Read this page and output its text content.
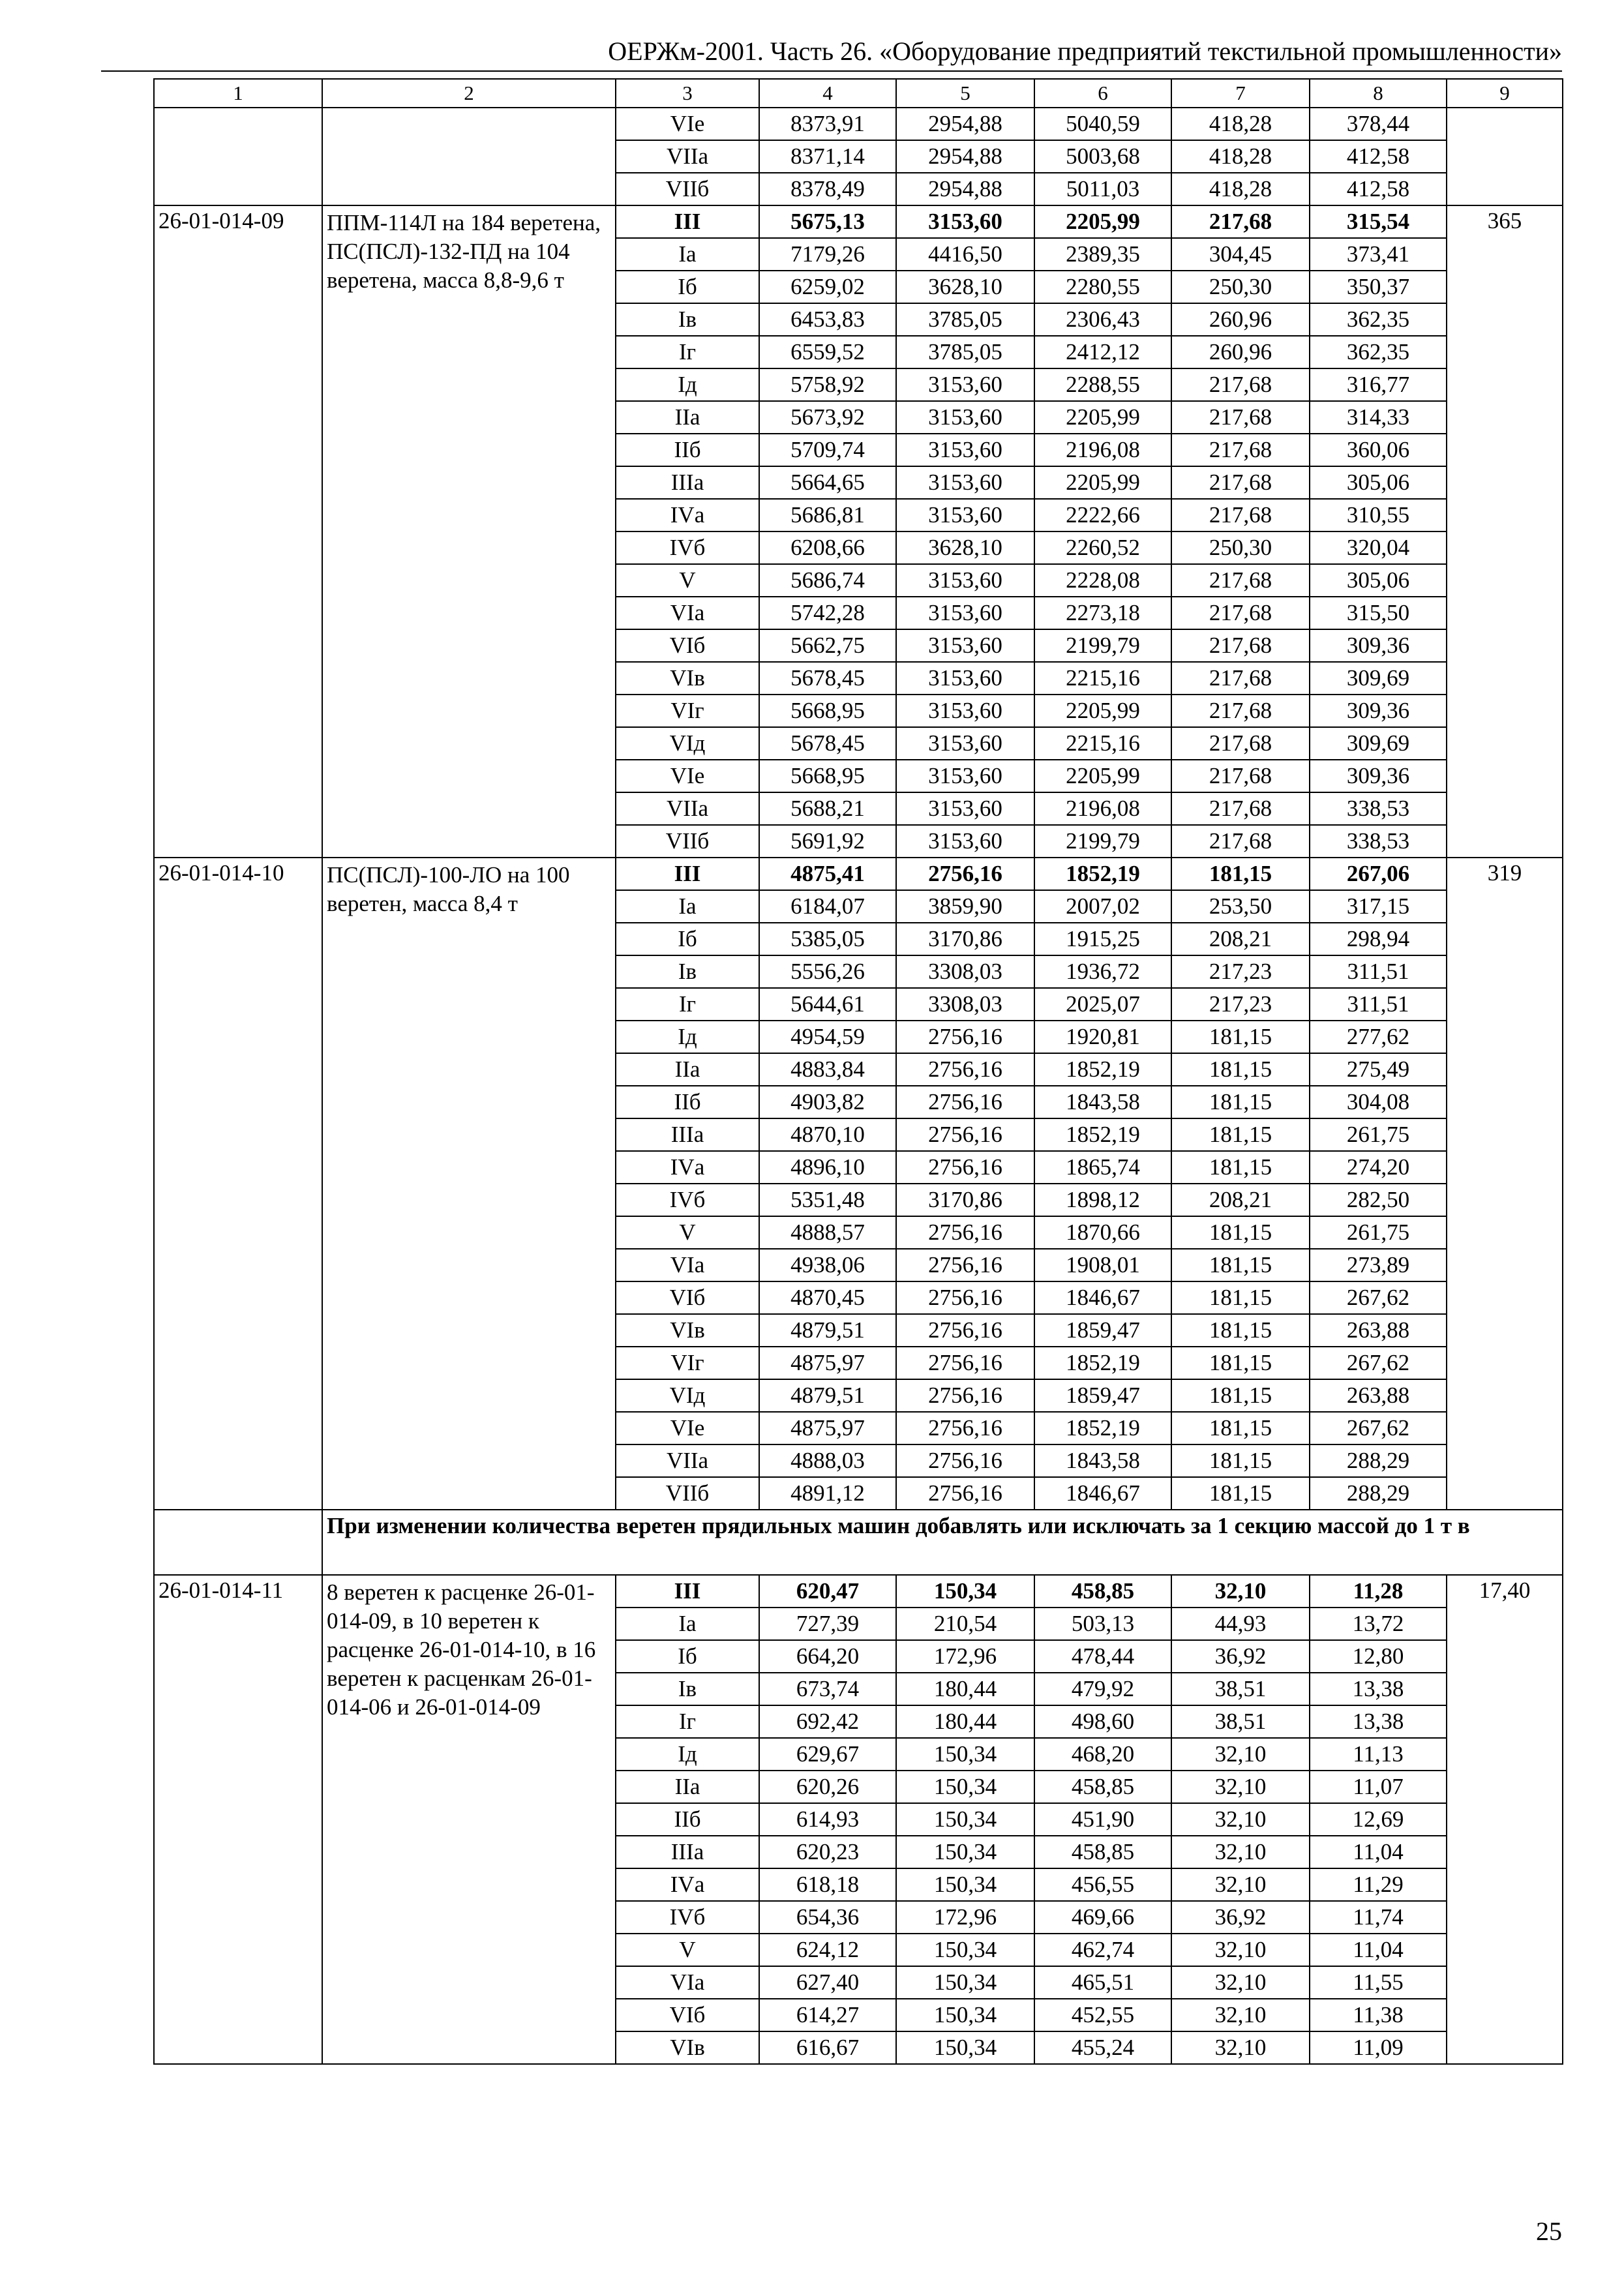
ОЕРЖм-2001. Часть 26. «Оборудование предприятий текстильной промышленности»
1	2	3	4	5	6	7	8	9
		VIе	8373,91	2954,88	5040,59	418,28	378,44	
		VIIа	8371,14	2954,88	5003,68	418,28	412,58	
		VIIб	8378,49	2954,88	5011,03	418,28	412,58	
26-01-014-09	ППМ-114Л на 184 веретена, ПС(ПСЛ)-132-ПД на 104 веретена, масса 8,8-9,6 т	III	5675,13	3153,60	2205,99	217,68	315,54	365
		Iа	7179,26	4416,50	2389,35	304,45	373,41	
		Iб	6259,02	3628,10	2280,55	250,30	350,37	
		Iв	6453,83	3785,05	2306,43	260,96	362,35	
		Iг	6559,52	3785,05	2412,12	260,96	362,35	
		Iд	5758,92	3153,60	2288,55	217,68	316,77	
		IIа	5673,92	3153,60	2205,99	217,68	314,33	
		IIб	5709,74	3153,60	2196,08	217,68	360,06	
		IIIа	5664,65	3153,60	2205,99	217,68	305,06	
		IVа	5686,81	3153,60	2222,66	217,68	310,55	
		IVб	6208,66	3628,10	2260,52	250,30	320,04	
		V	5686,74	3153,60	2228,08	217,68	305,06	
		VIа	5742,28	3153,60	2273,18	217,68	315,50	
		VIб	5662,75	3153,60	2199,79	217,68	309,36	
		VIв	5678,45	3153,60	2215,16	217,68	309,69	
		VIг	5668,95	3153,60	2205,99	217,68	309,36	
		VIд	5678,45	3153,60	2215,16	217,68	309,69	
		VIе	5668,95	3153,60	2205,99	217,68	309,36	
		VIIа	5688,21	3153,60	2196,08	217,68	338,53	
		VIIб	5691,92	3153,60	2199,79	217,68	338,53	
26-01-014-10	ПС(ПСЛ)-100-ЛО на 100 веретен, масса 8,4 т	III	4875,41	2756,16	1852,19	181,15	267,06	319
		Iа	6184,07	3859,90	2007,02	253,50	317,15	
		Iб	5385,05	3170,86	1915,25	208,21	298,94	
		Iв	5556,26	3308,03	1936,72	217,23	311,51	
		Iг	5644,61	3308,03	2025,07	217,23	311,51	
		Iд	4954,59	2756,16	1920,81	181,15	277,62	
		IIа	4883,84	2756,16	1852,19	181,15	275,49	
		IIб	4903,82	2756,16	1843,58	181,15	304,08	
		IIIа	4870,10	2756,16	1852,19	181,15	261,75	
		IVа	4896,10	2756,16	1865,74	181,15	274,20	
		IVб	5351,48	3170,86	1898,12	208,21	282,50	
		V	4888,57	2756,16	1870,66	181,15	261,75	
		VIа	4938,06	2756,16	1908,01	181,15	273,89	
		VIб	4870,45	2756,16	1846,67	181,15	267,62	
		VIв	4879,51	2756,16	1859,47	181,15	263,88	
		VIг	4875,97	2756,16	1852,19	181,15	267,62	
		VIд	4879,51	2756,16	1859,47	181,15	263,88	
		VIе	4875,97	2756,16	1852,19	181,15	267,62	
		VIIа	4888,03	2756,16	1843,58	181,15	288,29	
		VIIб	4891,12	2756,16	1846,67	181,15	288,29	
	При изменении количества веретен прядильных машин добавлять или исключать за 1 секцию массой до 1 т в							
26-01-014-11	8 веретен к расценке 26-01-014-09, в 10 веретен к расценке 26-01-014-10, в 16 веретен к расценкам 26-01-014-06 и 26-01-014-09	III	620,47	150,34	458,85	32,10	11,28	17,40
		Iа	727,39	210,54	503,13	44,93	13,72	
		Iб	664,20	172,96	478,44	36,92	12,80	
		Iв	673,74	180,44	479,92	38,51	13,38	
		Iг	692,42	180,44	498,60	38,51	13,38	
		Iд	629,67	150,34	468,20	32,10	11,13	
		IIа	620,26	150,34	458,85	32,10	11,07	
		IIб	614,93	150,34	451,90	32,10	12,69	
		IIIа	620,23	150,34	458,85	32,10	11,04	
		IVа	618,18	150,34	456,55	32,10	11,29	
		IVб	654,36	172,96	469,66	36,92	11,74	
		V	624,12	150,34	462,74	32,10	11,04	
		VIа	627,40	150,34	465,51	32,10	11,55	
		VIб	614,27	150,34	452,55	32,10	11,38	
		VIв	616,67	150,34	455,24	32,10	11,09	
25
